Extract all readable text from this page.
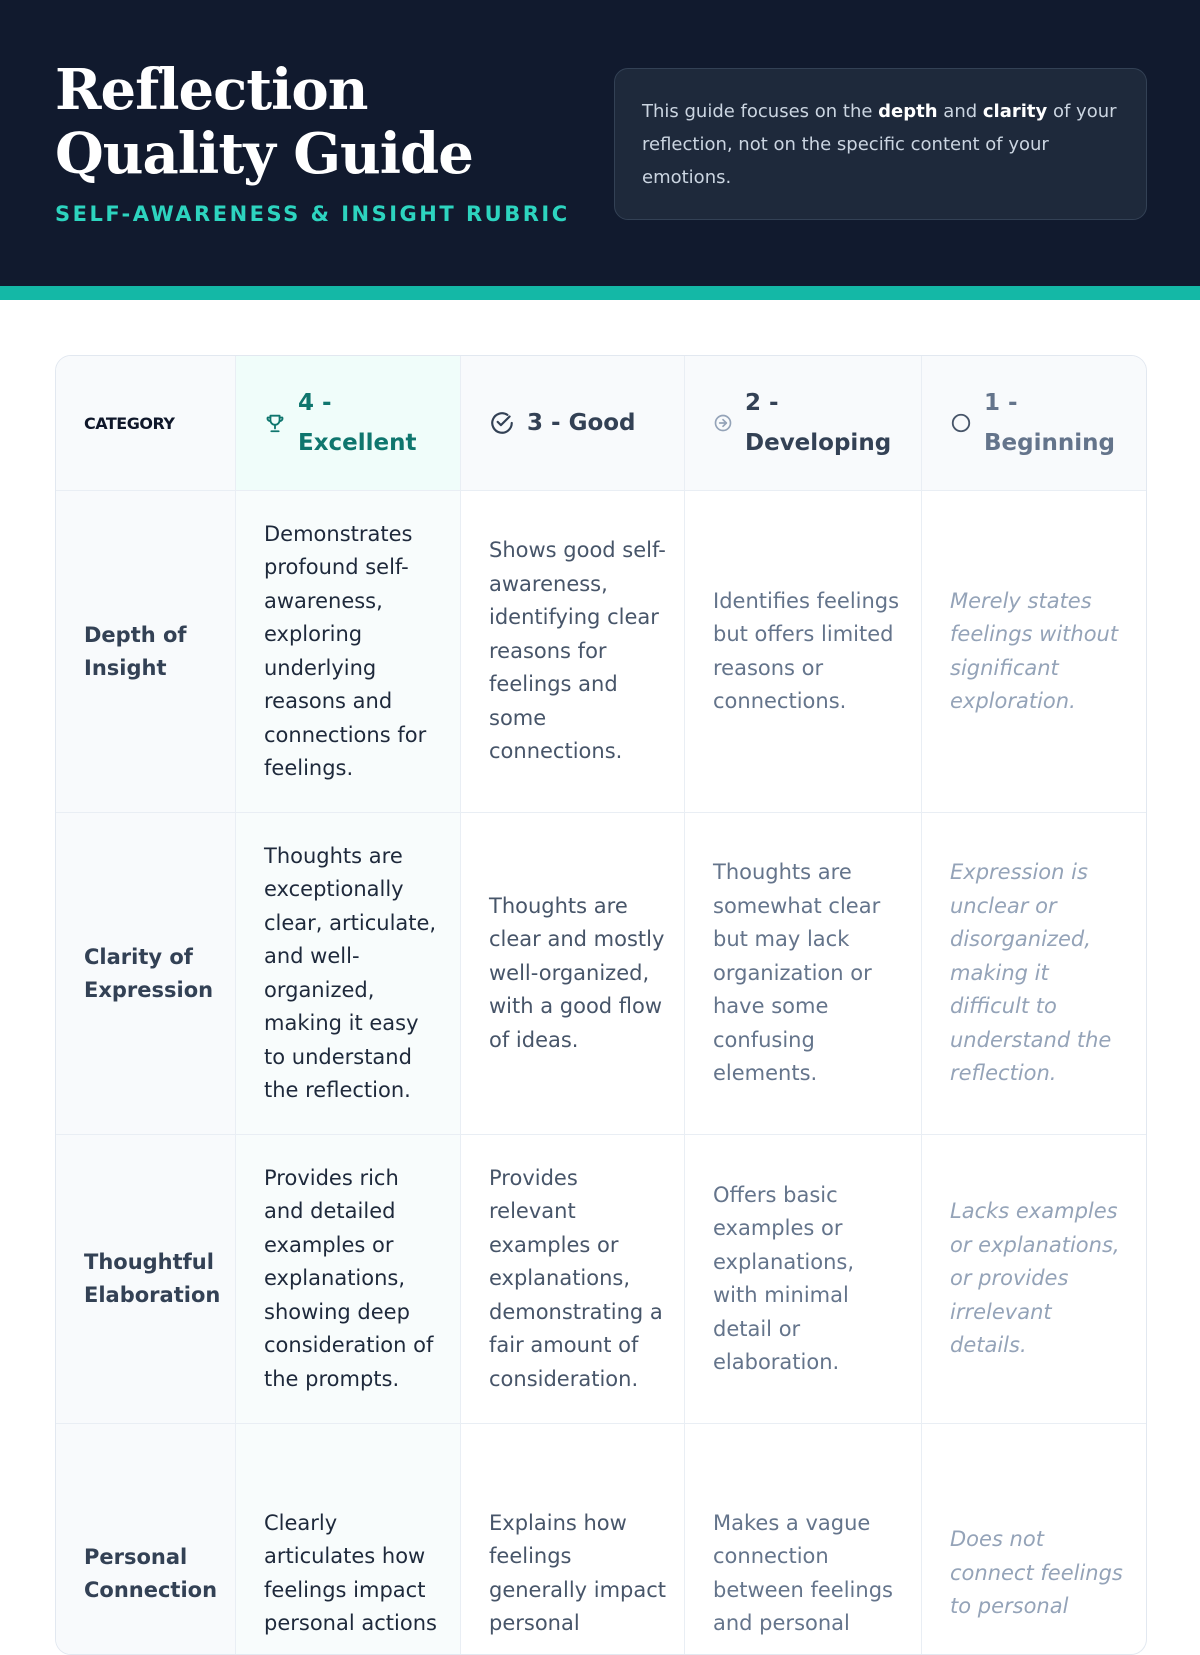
Reflection Quality Guide
SELF-AWARENESS & INSIGHT RUBRIC
This guide focuses on the depth and clarity of your reflection, not on the specific content of your emotions.
CATEGORY
4 - Excellent
3 - Good
2 - Developing
1 - Beginning
Depth of Insight
Demonstrates profound self-awareness, exploring underlying reasons and connections for feelings.
Shows good self-awareness, identifying clear reasons for feelings and some connections.
Identifies feelings but offers limited reasons or connections.
Merely states feelings without significant exploration.
Clarity of Expression
Thoughts are exceptionally clear, articulate, and well-organized, making it easy to understand the reflection.
Thoughts are clear and mostly well-organized, with a good flow of ideas.
Thoughts are somewhat clear but may lack organization or have some confusing elements.
Expression is unclear or disorganized, making it difficult to understand the reflection.
Thoughtful Elaboration
Provides rich and detailed examples or explanations, showing deep consideration of the prompts.
Provides relevant examples or explanations, demonstrating a fair amount of consideration.
Offers basic examples or explanations, with minimal detail or elaboration.
Lacks examples or explanations, or provides irrelevant details.
Personal Connection
Clearly articulates how feelings impact personal actions
Explains how feelings generally impact personal
Makes a vague connection between feelings and personal
Does not connect feelings to personal
